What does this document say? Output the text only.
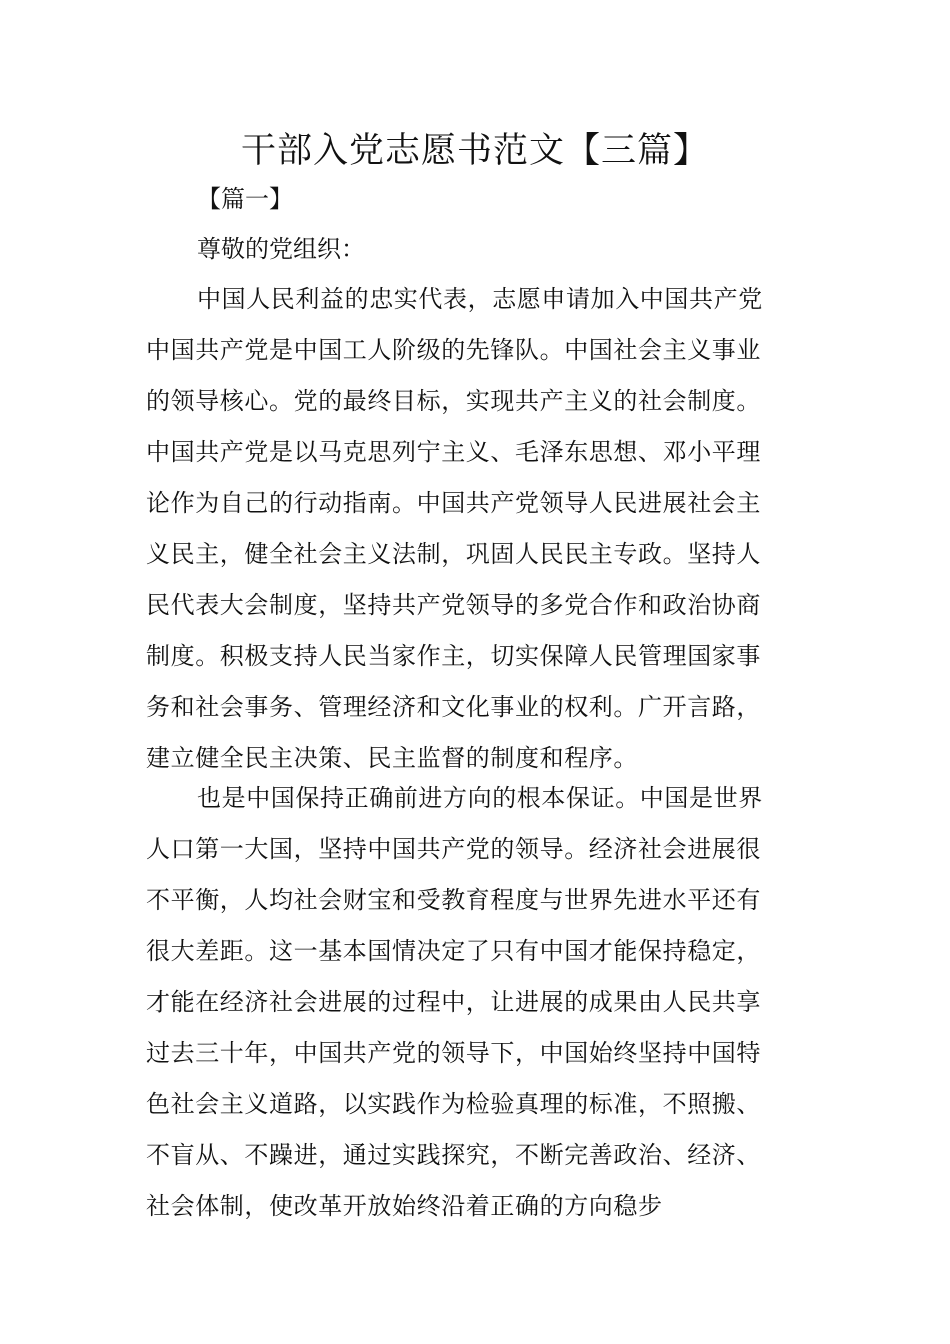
干部入党志愿书范文【三篇】
【篇一】
尊敬的党组织：
中国人民利益的忠实代表，志愿申请加入中国共产党
中国共产党是中国工人阶级的先锋队。中国社会主义事业
的领导核心。党的最终目标，实现共产主义的社会制度。
中国共产党是以马克思列宁主义、毛泽东思想、邓小平理
论作为自己的行动指南。中国共产党领导人民进展社会主
义民主，健全社会主义法制，巩固人民民主专政。坚持人
民代表大会制度，坚持共产党领导的多党合作和政治协商
制度。积极支持人民当家作主，切实保障人民管理国家事
务和社会事务、管理经济和文化事业的权利。广开言路，
建立健全民主决策、民主监督的制度和程序。
也是中国保持正确前进方向的根本保证。中国是世界
人口第一大国，坚持中国共产党的领导。经济社会进展很
不平衡，人均社会财宝和受教育程度与世界先进水平还有
很大差距。这一基本国情决定了只有中国才能保持稳定，
才能在经济社会进展的过程中，让进展的成果由人民共享
过去三十年，中国共产党的领导下，中国始终坚持中国特
色社会主义道路，以实践作为检验真理的标准，不照搬、
不盲从、不躁进，通过实践探究，不断完善政治、经济、
社会体制，使改革开放始终沿着正确的方向稳步
